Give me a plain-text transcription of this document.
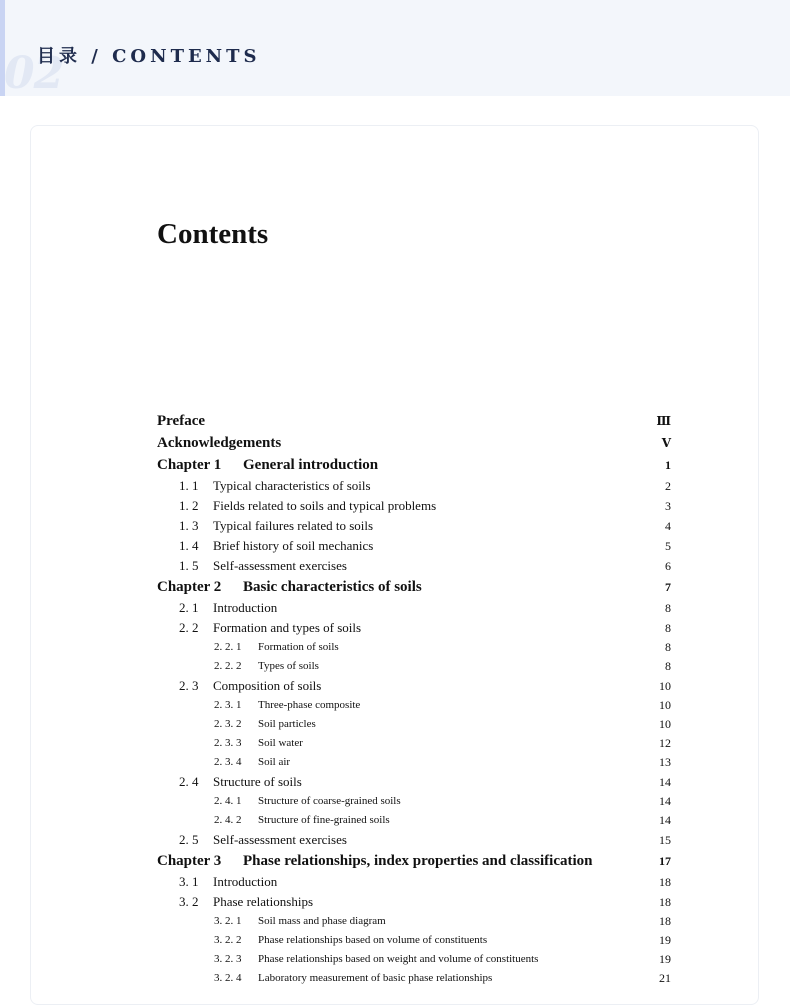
02
目录 / CONTENTS
Contents
Preface	Ⅲ
Acknowledgements	Ⅴ
Chapter 1	General introduction	1
1. 1	Typical characteristics of soils	2
1. 2	Fields related to soils and typical problems	3
1. 3	Typical failures related to soils	4
1. 4	Brief history of soil mechanics	5
1. 5	Self-assessment exercises	6
Chapter 2	Basic characteristics of soils	7
2. 1	Introduction	8
2. 2	Formation and types of soils	8
2. 2. 1	Formation of soils	8
2. 2. 2	Types of soils	8
2. 3	Composition of soils	10
2. 3. 1	Three-phase composite	10
2. 3. 2	Soil particles	10
2. 3. 3	Soil water	12
2. 3. 4	Soil air	13
2. 4	Structure of soils	14
2. 4. 1	Structure of coarse-grained soils	14
2. 4. 2	Structure of fine-grained soils	14
2. 5	Self-assessment exercises	15
Chapter 3	Phase relationships, index properties and classification	17
3. 1	Introduction	18
3. 2	Phase relationships	18
3. 2. 1	Soil mass and phase diagram	18
3. 2. 2	Phase relationships based on volume of constituents	19
3. 2. 3	Phase relationships based on weight and volume of constituents	19
3. 2. 4	Laboratory measurement of basic phase relationships	21
